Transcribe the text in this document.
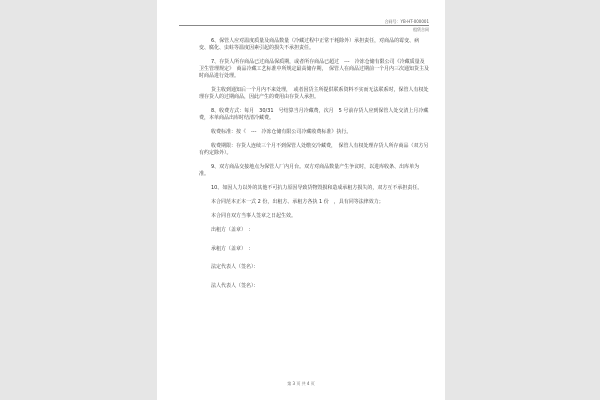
合同号：YB-HT-000001
租赁合同

6、保管人应对温度质量及商品数量（冷藏过程中正常干耗除外）承担责任，对商品的霉变、病变、腐化、虫蛀等温度因素引起的损失不承担责任。

7、存货人所存商品已过商品保质期，或者所存商品已超过　---　冷冻仓储有限公司《冷藏质量及卫生管理规定》　商品冷藏工艺标准中所规定最高储存期，　保管人在商品过期前一个月内三次通知货主及时商品进行处理。

货主收到通知后一个月内不来处理，　或者因货主所提供联系资料不实而无法联系时，保管人有权处理存货人的过期商品，因此产生的费用由存货人承担。

8、收费方式：每月　30/31　号结算当月冷藏费，次月　5 号前存货人应到保管人处交清上月冷藏费，本单商品出库时结清冷藏费。

收费标准：按《　---　冷冻仓储有限公司冷藏收费标准》执行。

收费期限：存货人连续三个月不到保管人处缴交冷藏费，　保管人有权处理存货人所存商品（双方另有约定除外）。

9、双方商品交接地点为保管人厂内月台。双方对商品数量产生争议时，以进库收条、出库单为准。

10、如因人力以外的其他不可抗力原因导致货物毁损和造成承租方损失的，双方互不承担责任。

本合同范本正本一式 2 份，出租方、承租方各执 1 份　，具有同等法律效力；

本合同自双方当事人签章之日起生效。

出租方（盖章）　：

承租方（盖章）　：

法定代表人（签名）：

法人代表人（签名）：

第 3 页 共 4 页
